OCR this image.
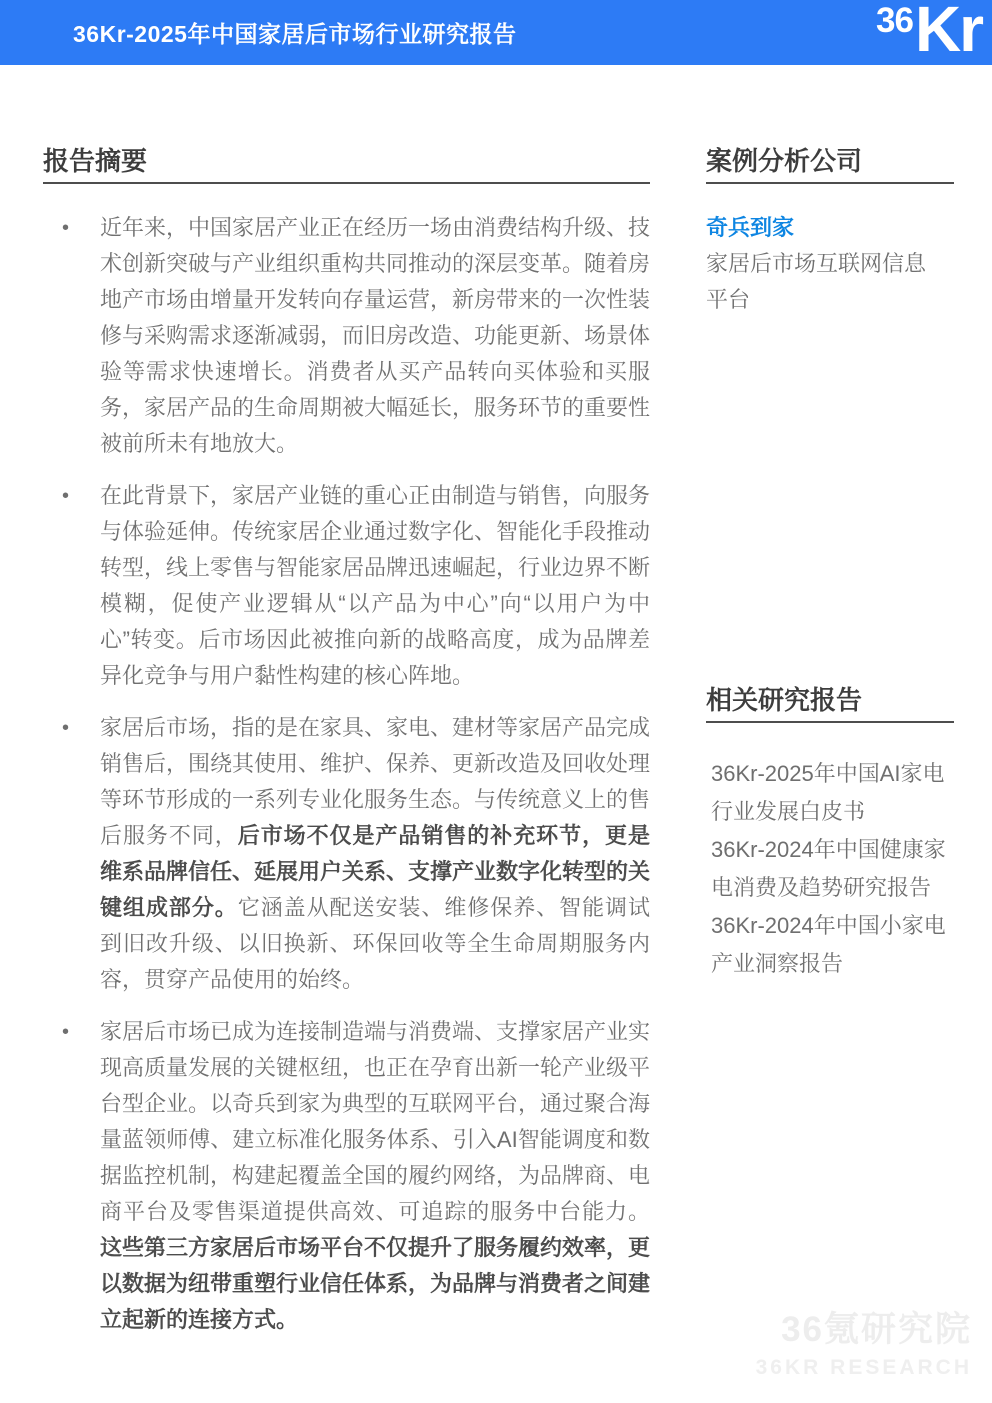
36Kr-2025年中国家居后市场行业研究报告	36 Kr
报告摘要
• 近年来，中国家居产业正在经历一场由消费结构升级、技术创新突破与产业组织重构共同推动的深层变革。随着房地产市场由增量开发转向存量运营，新房带来的一次性装修与采购需求逐渐减弱，而旧房改造、功能更新、场景体验等需求快速增长。消费者从买产品转向买体验和买服务，家居产品的生命周期被大幅延长，服务环节的重要性被前所未有地放大。
• 在此背景下，家居产业链的重心正由制造与销售，向服务与体验延伸。传统家居企业通过数字化、智能化手段推动转型，线上零售与智能家居品牌迅速崛起，行业边界不断模糊，促使产业逻辑从“以产品为中心”向“以用户为中心”转变。后市场因此被推向新的战略高度，成为品牌差异化竞争与用户黏性构建的核心阵地。
• 家居后市场，指的是在家具、家电、建材等家居产品完成销售后，围绕其使用、维护、保养、更新改造及回收处理等环节形成的一系列专业化服务生态。与传统意义上的售后服务不同，后市场不仅是产品销售的补充环节，更是维系品牌信任、延展用户关系、支撑产业数字化转型的关键组成部分。它涵盖从配送安装、维修保养、智能调试到旧改升级、以旧换新、环保回收等全生命周期服务内容，贯穿产品使用的始终。
• 家居后市场已成为连接制造端与消费端、支撑家居产业实现高质量发展的关键枢纽，也正在孕育出新一轮产业级平台型企业。以奇兵到家为典型的互联网平台，通过聚合海量蓝领师傅、建立标准化服务体系、引入AI智能调度和数据监控机制，构建起覆盖全国的履约网络，为品牌商、电商平台及零售渠道提供高效、可追踪的服务中台能力。这些第三方家居后市场平台不仅提升了服务履约效率，更以数据为纽带重塑行业信任体系，为品牌与消费者之间建立起新的连接方式。
案例分析公司
奇兵到家
家居后市场互联网信息平台
相关研究报告
36Kr-2025年中国AI家电行业发展白皮书
36Kr-2024年中国健康家电消费及趋势研究报告
36Kr-2024年中国小家电产业洞察报告
36氪研究院
36KR RESEARCH
